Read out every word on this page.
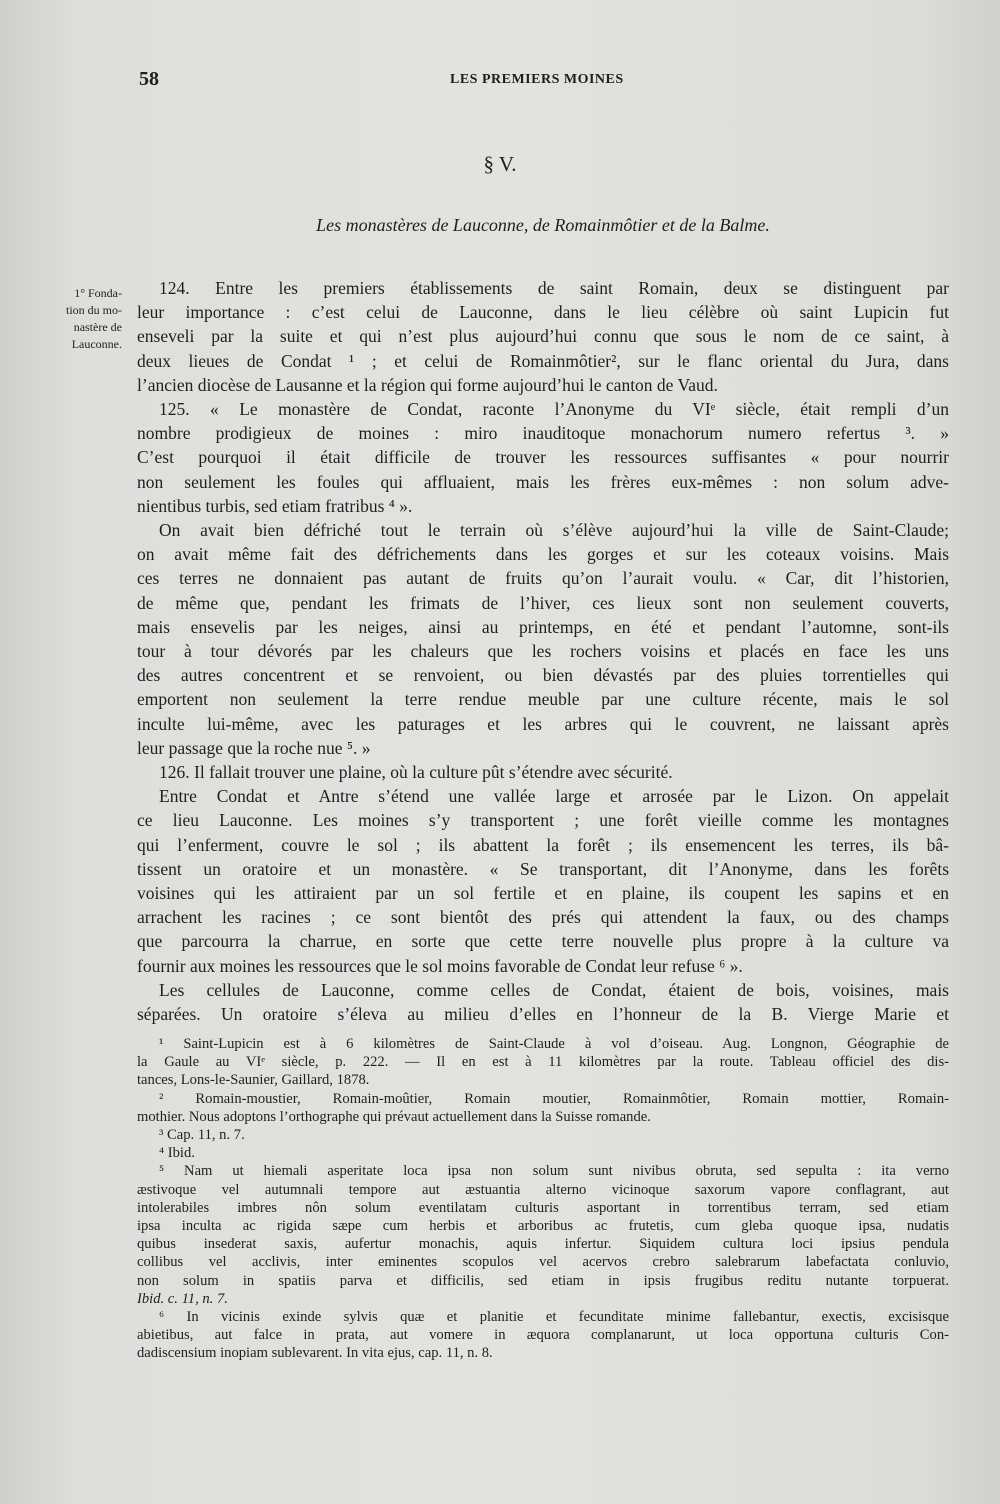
58	LES PREMIERS MOINES
§ V.
Les monastères de Lauconne, de Romainmôtier et de la Balme.
1° Fonda-
tion du mo-
nastère de
Lauconne.
124. Entre les premiers établissements de saint Romain, deux se distinguent par
leur importance : c’est celui de Lauconne, dans le lieu célèbre où saint Lupicin fut
enseveli par la suite et qui n’est plus aujourd’hui connu que sous le nom de ce saint, à
deux lieues de Condat ¹ ; et celui de Romainmôtier², sur le flanc oriental du Jura, dans
l’ancien diocèse de Lausanne et la région qui forme aujourd’hui le canton de Vaud.
125. « Le monastère de Condat, raconte l’Anonyme du VIᵉ siècle, était rempli d’un
nombre prodigieux de moines : miro inauditoque monachorum numero refertus ³. »
C’est pourquoi il était difficile de trouver les ressources suffisantes « pour nourrir
non seulement les foules qui affluaient, mais les frères eux-mêmes : non solum adve-
nientibus turbis, sed etiam fratribus ⁴ ».
On avait bien défriché tout le terrain où s’élève aujourd’hui la ville de Saint-Claude;
on avait même fait des défrichements dans les gorges et sur les coteaux voisins. Mais
ces terres ne donnaient pas autant de fruits qu’on l’aurait voulu. « Car, dit l’historien,
de même que, pendant les frimats de l’hiver, ces lieux sont non seulement couverts,
mais ensevelis par les neiges, ainsi au printemps, en été et pendant l’automne, sont-ils
tour à tour dévorés par les chaleurs que les rochers voisins et placés en face les uns
des autres concentrent et se renvoient, ou bien dévastés par des pluies torrentielles qui
emportent non seulement la terre rendue meuble par une culture récente, mais le sol
inculte lui-même, avec les paturages et les arbres qui le couvrent, ne laissant après
leur passage que la roche nue ⁵. »
126. Il fallait trouver une plaine, où la culture pût s’étendre avec sécurité.
Entre Condat et Antre s’étend une vallée large et arrosée par le Lizon. On appelait
ce lieu Lauconne. Les moines s’y transportent ; une forêt vieille comme les montagnes
qui l’enferment, couvre le sol ; ils abattent la forêt ; ils ensemencent les terres, ils bâ-
tissent un oratoire et un monastère. « Se transportant, dit l’Anonyme, dans les forêts
voisines qui les attiraient par un sol fertile et en plaine, ils coupent les sapins et en
arrachent les racines ; ce sont bientôt des prés qui attendent la faux, ou des champs
que parcourra la charrue, en sorte que cette terre nouvelle plus propre à la culture va
fournir aux moines les ressources que le sol moins favorable de Condat leur refuse ⁶ ».
Les cellules de Lauconne, comme celles de Condat, étaient de bois, voisines, mais
séparées. Un oratoire s’éleva au milieu d’elles en l’honneur de la B. Vierge Marie et
¹ Saint-Lupicin est à 6 kilomètres de Saint-Claude à vol d’oiseau. Aug. Longnon, Géographie de
la Gaule au VIᵉ siècle, p. 222. — Il en est à 11 kilomètres par la route. Tableau officiel des dis-
tances, Lons-le-Saunier, Gaillard, 1878.
² Romain-moustier, Romain-moûtier, Romain moutier, Romainmôtier, Romain mottier, Romain-
mothier. Nous adoptons l’orthographe qui prévaut actuellement dans la Suisse romande.
³ Cap. 11, n. 7.
⁴ Ibid.
⁵ Nam ut hiemali asperitate loca ipsa non solum sunt nivibus obruta, sed sepulta : ita verno
æstivoque vel autumnali tempore aut æstuantia alterno vicinoque saxorum vapore conflagrant, aut
intolerabiles imbres nôn solum eventilatam culturis asportant in torrentibus terram, sed etiam
ipsa inculta ac rigida sæpe cum herbis et arboribus ac frutetis, cum gleba quoque ipsa, nudatis
quibus insederat saxis, aufertur monachis, aquis infertur. Siquidem cultura loci ipsius pendula
collibus vel acclivis, inter eminentes scopulos vel acervos crebro salebrarum labefactata conluvio,
non solum in spatiis parva et difficilis, sed etiam in ipsis frugibus reditu nutante torpuerat.
Ibid. c. 11, n. 7.
⁶ In vicinis exinde sylvis quæ et planitie et fecunditate minime fallebantur, exectis, excisisque
abietibus, aut falce in prata, aut vomere in æquora complanarunt, ut loca opportuna culturis Con-
dadiscensium inopiam sublevarent. In vita ejus, cap. 11, n. 8.
